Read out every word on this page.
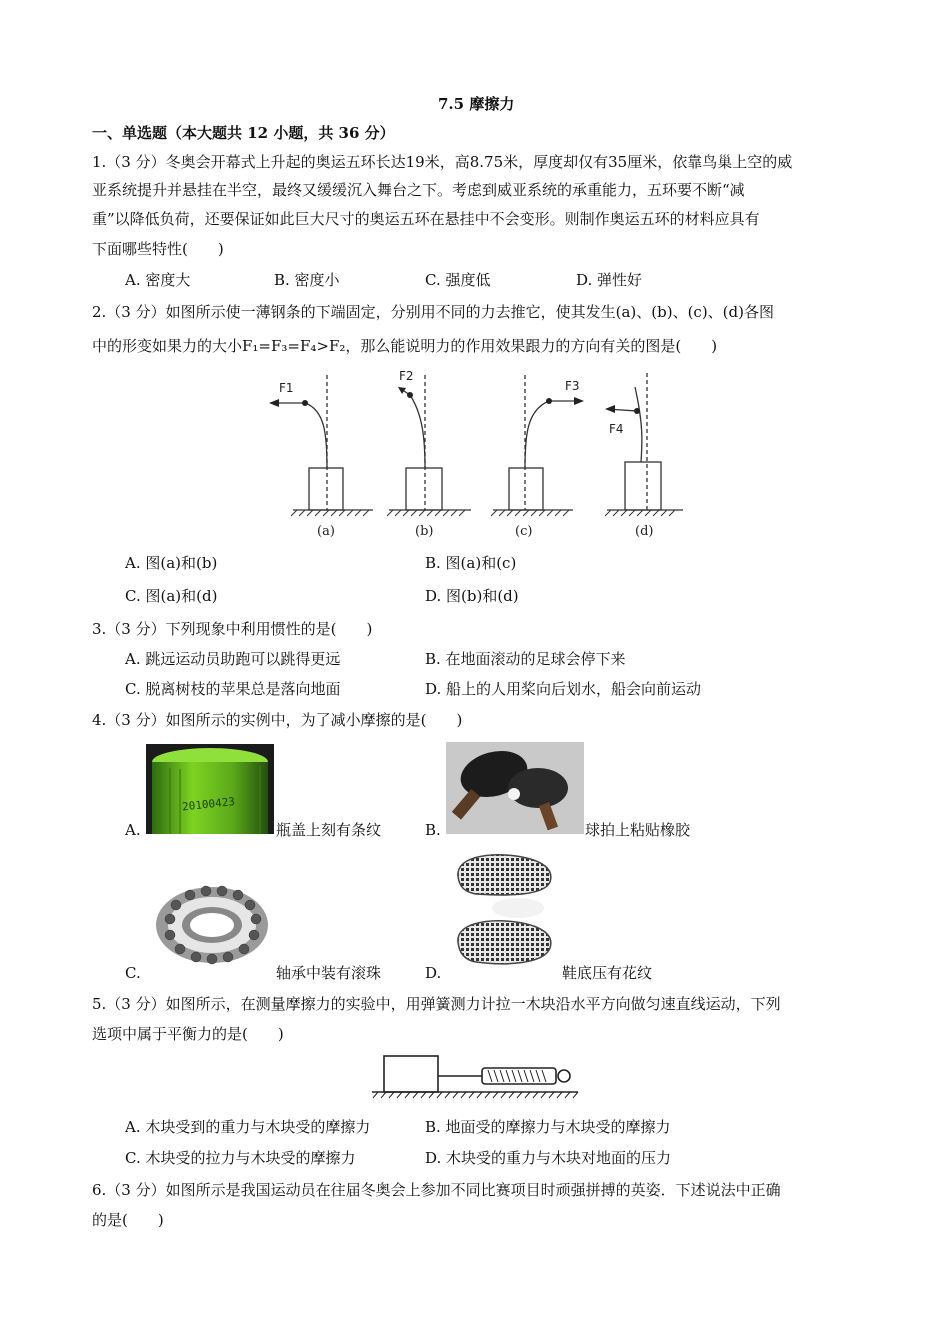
7.5 摩擦力
一、单选题（本大题共 12 小题，共 36 分）
1.（3 分）冬奥会开幕式上升起的奥运五环长达19米，高8.75米，厚度却仅有35厘米，依靠鸟巢上空的威
亚系统提升并悬挂在半空，最终又缓缓沉入舞台之下。考虑到威亚系统的承重能力，五环要不断“减
重”以降低负荷，还要保证如此巨大尺寸的奥运五环在悬挂中不会变形。则制作奥运五环的材料应具有
下面哪些特性(　　)
A. 密度大	B. 密度小	C. 强度低	D. 弹性好
2.（3 分）如图所示使一薄钢条的下端固定，分别用不同的力去推它，使其发生(a)、(b)、(c)、(d)各图
中的形变如果力的大小F₁=F₃=F₄>F₂，那么能说明力的作用效果跟力的方向有关的图是(　　)
F1
F2
F3
F4
(a)	(b)	(c)	(d)
A. 图(a)和(b)	B. 图(a)和(c)
C. 图(a)和(d)	D. 图(b)和(d)
3.（3 分）下列现象中利用惯性的是(　　)
A. 跳远运动员助跑可以跳得更远	B. 在地面滚动的足球会停下来
C. 脱离树枝的苹果总是落向地面	D. 船上的人用桨向后划水，船会向前运动
4.（3 分）如图所示的实例中，为了减小摩擦的是(　　)
A.
20100423
瓶盖上刻有条纹	B.	球拍上粘贴橡胶
C.	轴承中装有滚珠	D.	鞋底压有花纹
5.（3 分）如图所示，在测量摩擦力的实验中，用弹簧测力计拉一木块沿水平方向做匀速直线运动，下列
选项中属于平衡力的是(　　)
A. 木块受到的重力与木块受的摩擦力	B. 地面受的摩擦力与木块受的摩擦力
C. 木块受的拉力与木块受的摩擦力	D. 木块受的重力与木块对地面的压力
6.（3 分）如图所示是我国运动员在往届冬奥会上参加不同比赛项目时顽强拼搏的英姿．下述说法中正确
的是(　　)
